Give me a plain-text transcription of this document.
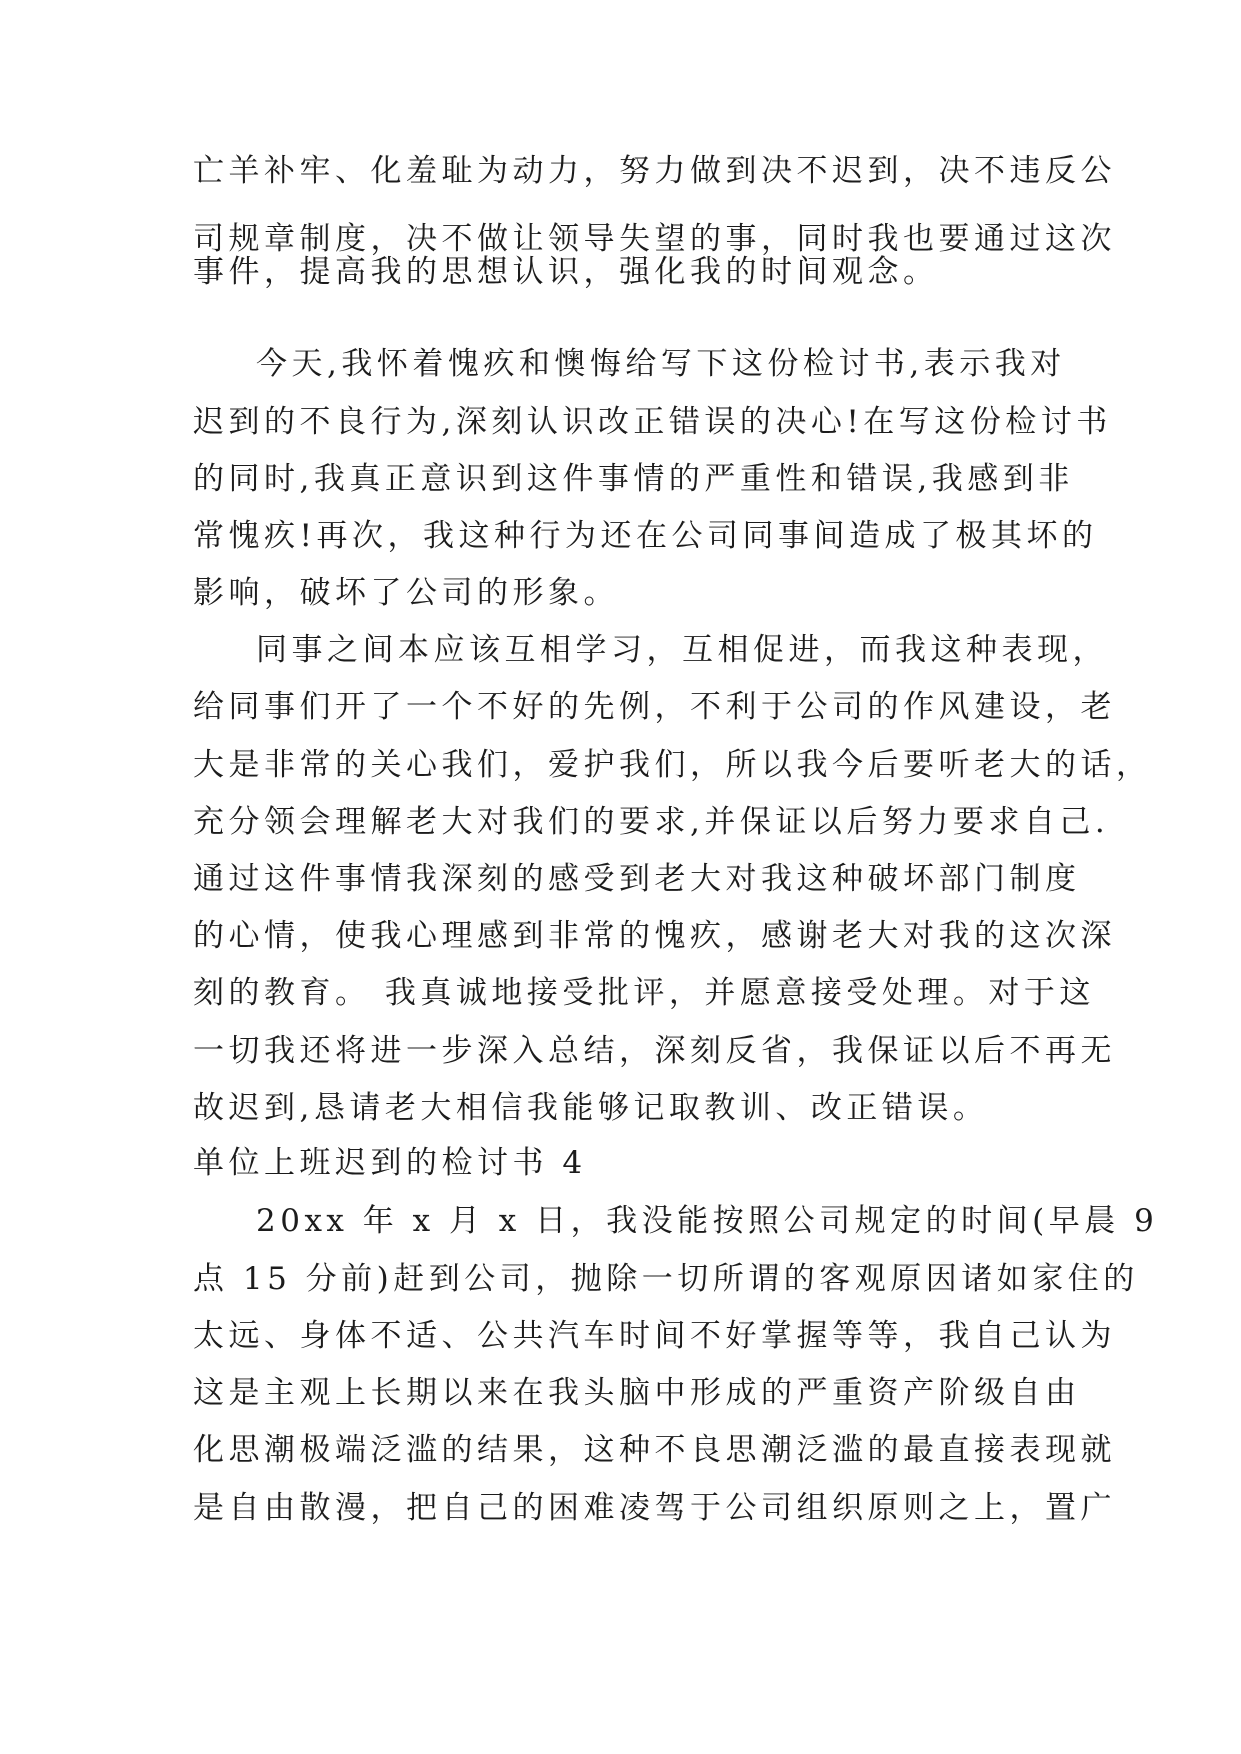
亡羊补牢、化羞耻为动力，努力做到决不迟到，决不违反公
司规章制度，决不做让领导失望的事，同时我也要通过这次
事件，提高我的思想认识，强化我的时间观念。
今天,我怀着愧疚和懊悔给写下这份检讨书,表示我对
迟到的不良行为,深刻认识改正错误的决心!在写这份检讨书
的同时,我真正意识到这件事情的严重性和错误,我感到非
常愧疚!再次，我这种行为还在公司同事间造成了极其坏的
影响，破坏了公司的形象。
同事之间本应该互相学习，互相促进，而我这种表现，
给同事们开了一个不好的先例，不利于公司的作风建设，老
大是非常的关心我们，爱护我们，所以我今后要听老大的话，
充分领会理解老大对我们的要求,并保证以后努力要求自己.
通过这件事情我深刻的感受到老大对我这种破坏部门制度
的心情，使我心理感到非常的愧疚，感谢老大对我的这次深
刻的教育。 我真诚地接受批评，并愿意接受处理。对于这
一切我还将进一步深入总结，深刻反省，我保证以后不再无
故迟到,恳请老大相信我能够记取教训、改正错误。
单位上班迟到的检讨书 4
20xx 年 x 月 x 日，我没能按照公司规定的时间(早晨 9
点 15 分前)赶到公司，抛除一切所谓的客观原因诸如家住的
太远、身体不适、公共汽车时间不好掌握等等，我自己认为
这是主观上长期以来在我头脑中形成的严重资产阶级自由
化思潮极端泛滥的结果，这种不良思潮泛滥的最直接表现就
是自由散漫，把自己的困难凌驾于公司组织原则之上，置广
